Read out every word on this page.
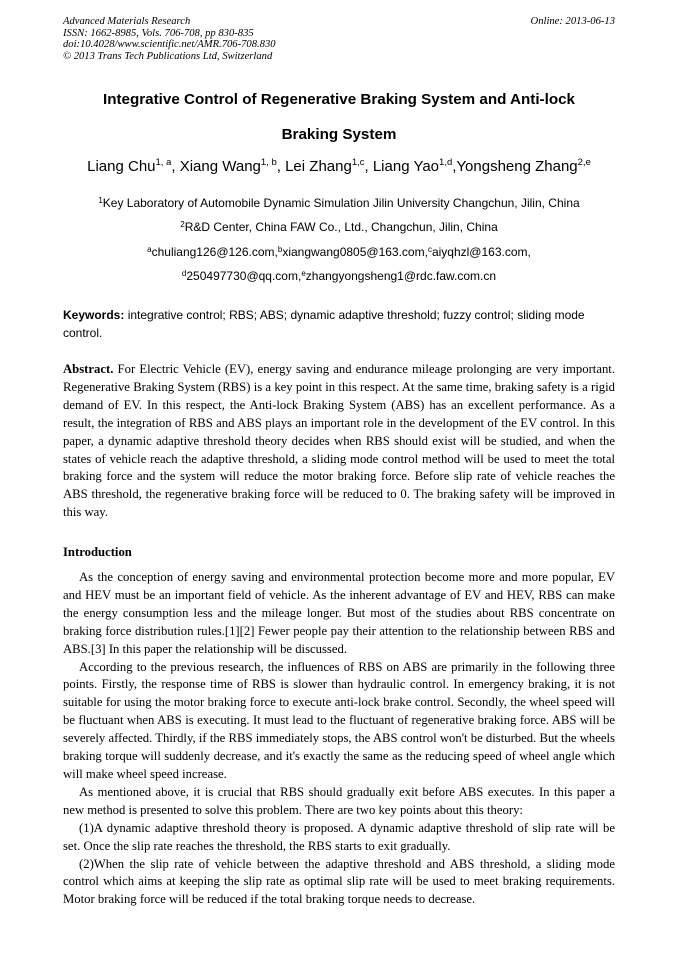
Advanced Materials Research
ISSN: 1662-8985, Vols. 706-708, pp 830-835
doi:10.4028/www.scientific.net/AMR.706-708.830
© 2013 Trans Tech Publications Ltd, Switzerland
Online: 2013-06-13
Integrative Control of Regenerative Braking System and Anti-lock
Braking System
Liang Chu$^{1, a}$, Xiang Wang$^{1, b}$, Lei Zhang$^{1,c}$, Liang Yao$^{1,d}$,Yongsheng Zhang$^{2,e}$
$^1$Key Laboratory of Automobile Dynamic Simulation Jilin University Changchun, Jilin, China
$^2$R&D Center, China FAW Co., Ltd., Changchun, Jilin, China
$^a$chuliang126@126.com,$^b$xiangwang0805@163.com,$^c$aiyqhzl@163.com,
$^d$250497730@qq.com,$^e$zhangyongsheng1@rdc.faw.com.cn
Keywords: integrative control; RBS; ABS; dynamic adaptive threshold; fuzzy control; sliding mode control.
Abstract. For Electric Vehicle (EV), energy saving and endurance mileage prolonging are very important. Regenerative Braking System (RBS) is a key point in this respect. At the same time, braking safety is a rigid demand of EV. In this respect, the Anti-lock Braking System (ABS) has an excellent performance. As a result, the integration of RBS and ABS plays an important role in the development of the EV control. In this paper, a dynamic adaptive threshold theory decides when RBS should exist will be studied, and when the states of vehicle reach the adaptive threshold, a sliding mode control method will be used to meet the total braking force and the system will reduce the motor braking force. Before slip rate of vehicle reaches the ABS threshold, the regenerative braking force will be reduced to 0. The braking safety will be improved in this way.
Introduction

As the conception of energy saving and environmental protection become more and more popular, EV and HEV must be an important field of vehicle. As the inherent advantage of EV and HEV, RBS can make the energy consumption less and the mileage longer. But most of the studies about RBS concentrate on braking force distribution rules.[1][2] Fewer people pay their attention to the relationship between RBS and ABS.[3] In this paper the relationship will be discussed.

According to the previous research, the influences of RBS on ABS are primarily in the following three points. Firstly, the response time of RBS is slower than hydraulic control. In emergency braking, it is not suitable for using the motor braking force to execute anti-lock brake control. Secondly, the wheel speed will be fluctuant when ABS is executing. It must lead to the fluctuant of regenerative braking force. ABS will be severely affected. Thirdly, if the RBS immediately stops, the ABS control won't be disturbed. But the wheels braking torque will suddenly decrease, and it's exactly the same as the reducing speed of wheel angle which will make wheel speed increase.

As mentioned above, it is crucial that RBS should gradually exit before ABS executes. In this paper a new method is presented to solve this problem. There are two key points about this theory:

(1)A dynamic adaptive threshold theory is proposed. A dynamic adaptive threshold of slip rate will be set. Once the slip rate reaches the threshold, the RBS starts to exit gradually.

(2)When the slip rate of vehicle between the adaptive threshold and ABS threshold, a sliding mode control which aims at keeping the slip rate as optimal slip rate will be used to meet braking requirements. Motor braking force will be reduced if the total braking torque needs to decrease.
